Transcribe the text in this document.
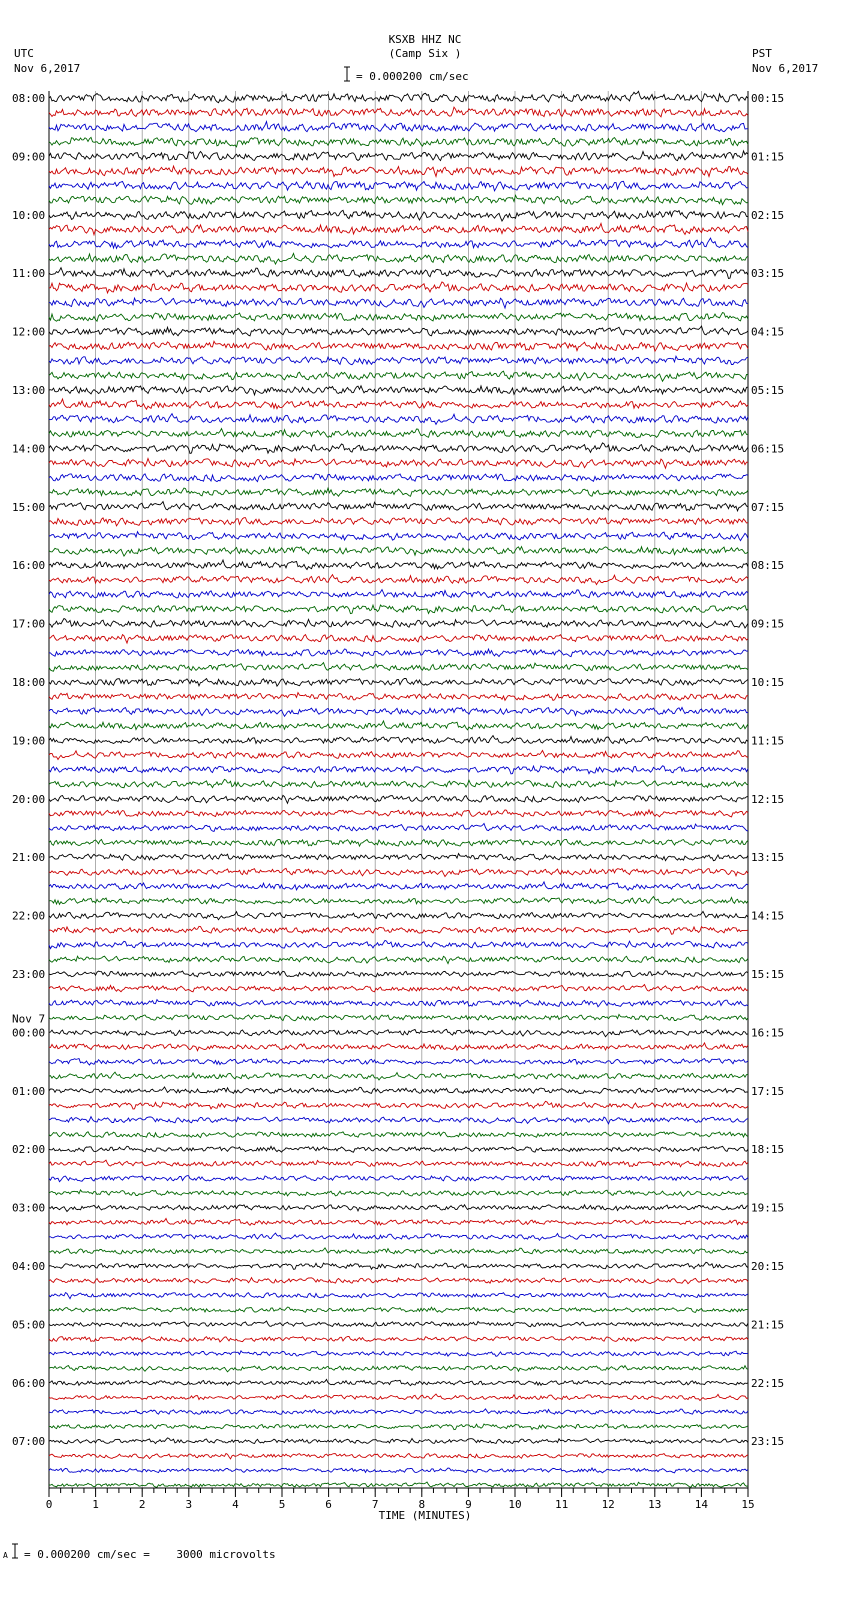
KSXB HHZ NC
(Camp Six )
UTC
Nov 6,2017
PST
Nov 6,2017
= 0.000200 cm/sec
08:00
09:00
10:00
11:00
12:00
13:00
14:00
15:00
16:00
17:00
18:00
19:00
20:00
21:00
22:00
23:00
00:00
Nov 7
01:00
02:00
03:00
04:00
05:00
06:00
07:00
00:15
01:15
02:15
03:15
04:15
05:15
06:15
07:15
08:15
09:15
10:15
11:15
12:15
13:15
14:15
15:15
16:15
17:15
18:15
19:15
20:15
21:15
22:15
23:15
0	1	2	3	4	5	6	7	8	9	10	11	12	13	14	15
TIME (MINUTES)
A = 0.000200 cm/sec =    3000 microvolts
